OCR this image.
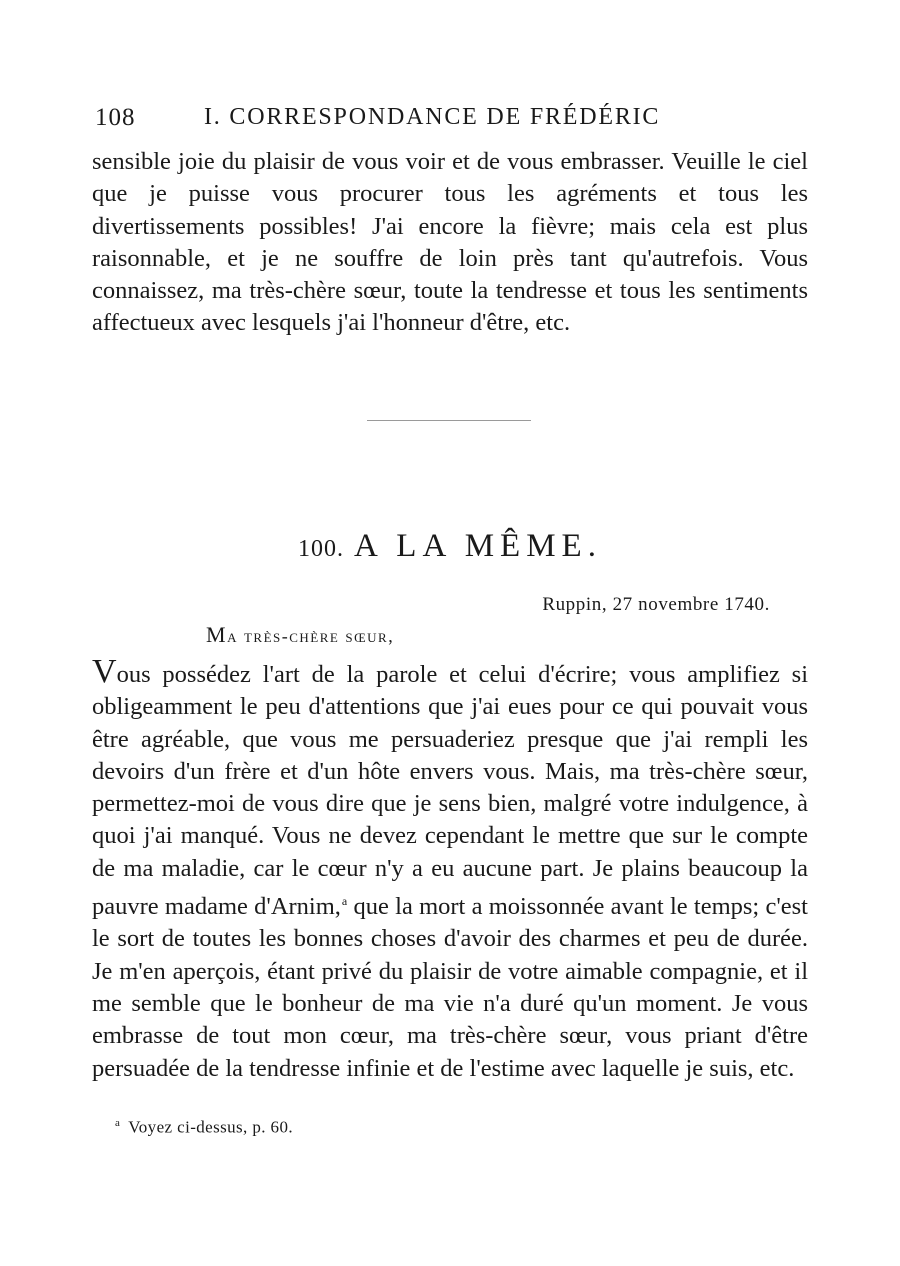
108	I. CORRESPONDANCE DE FRÉDÉRIC

sensible joie du plaisir de vous voir et de vous embrasser. Veuille le ciel que je puisse vous procurer tous les agréments et tous les divertissements possibles! J'ai encore la fièvre; mais cela est plus raisonnable, et je ne souffre de loin près tant qu'autrefois. Vous connaissez, ma très-chère sœur, toute la tendresse et tous les sentiments affectueux avec lesquels j'ai l'honneur d'être, etc.

100. A LA MÊME.
Ruppin, 27 novembre 1740.
Ma très-chère sœur,

Vous possédez l'art de la parole et celui d'écrire; vous amplifiez si obligeamment le peu d'attentions que j'ai eues pour ce qui pouvait vous être agréable, que vous me persuaderiez presque que j'ai rempli les devoirs d'un frère et d'un hôte envers vous. Mais, ma très-chère sœur, permettez-moi de vous dire que je sens bien, malgré votre indulgence, à quoi j'ai manqué. Vous ne devez cependant le mettre que sur le compte de ma maladie, car le cœur n'y a eu aucune part. Je plains beaucoup la pauvre madame d'Arnim,$^a$ que la mort a moissonnée avant le temps; c'est le sort de toutes les bonnes choses d'avoir des charmes et peu de durée. Je m'en aperçois, étant privé du plaisir de votre aimable compagnie, et il me semble que le bonheur de ma vie n'a duré qu'un moment. Je vous embrasse de tout mon cœur, ma très-chère sœur, vous priant d'être persuadée de la tendresse infinie et de l'estime avec laquelle je suis, etc.

$^a$ Voyez ci-dessus, p. 60.
